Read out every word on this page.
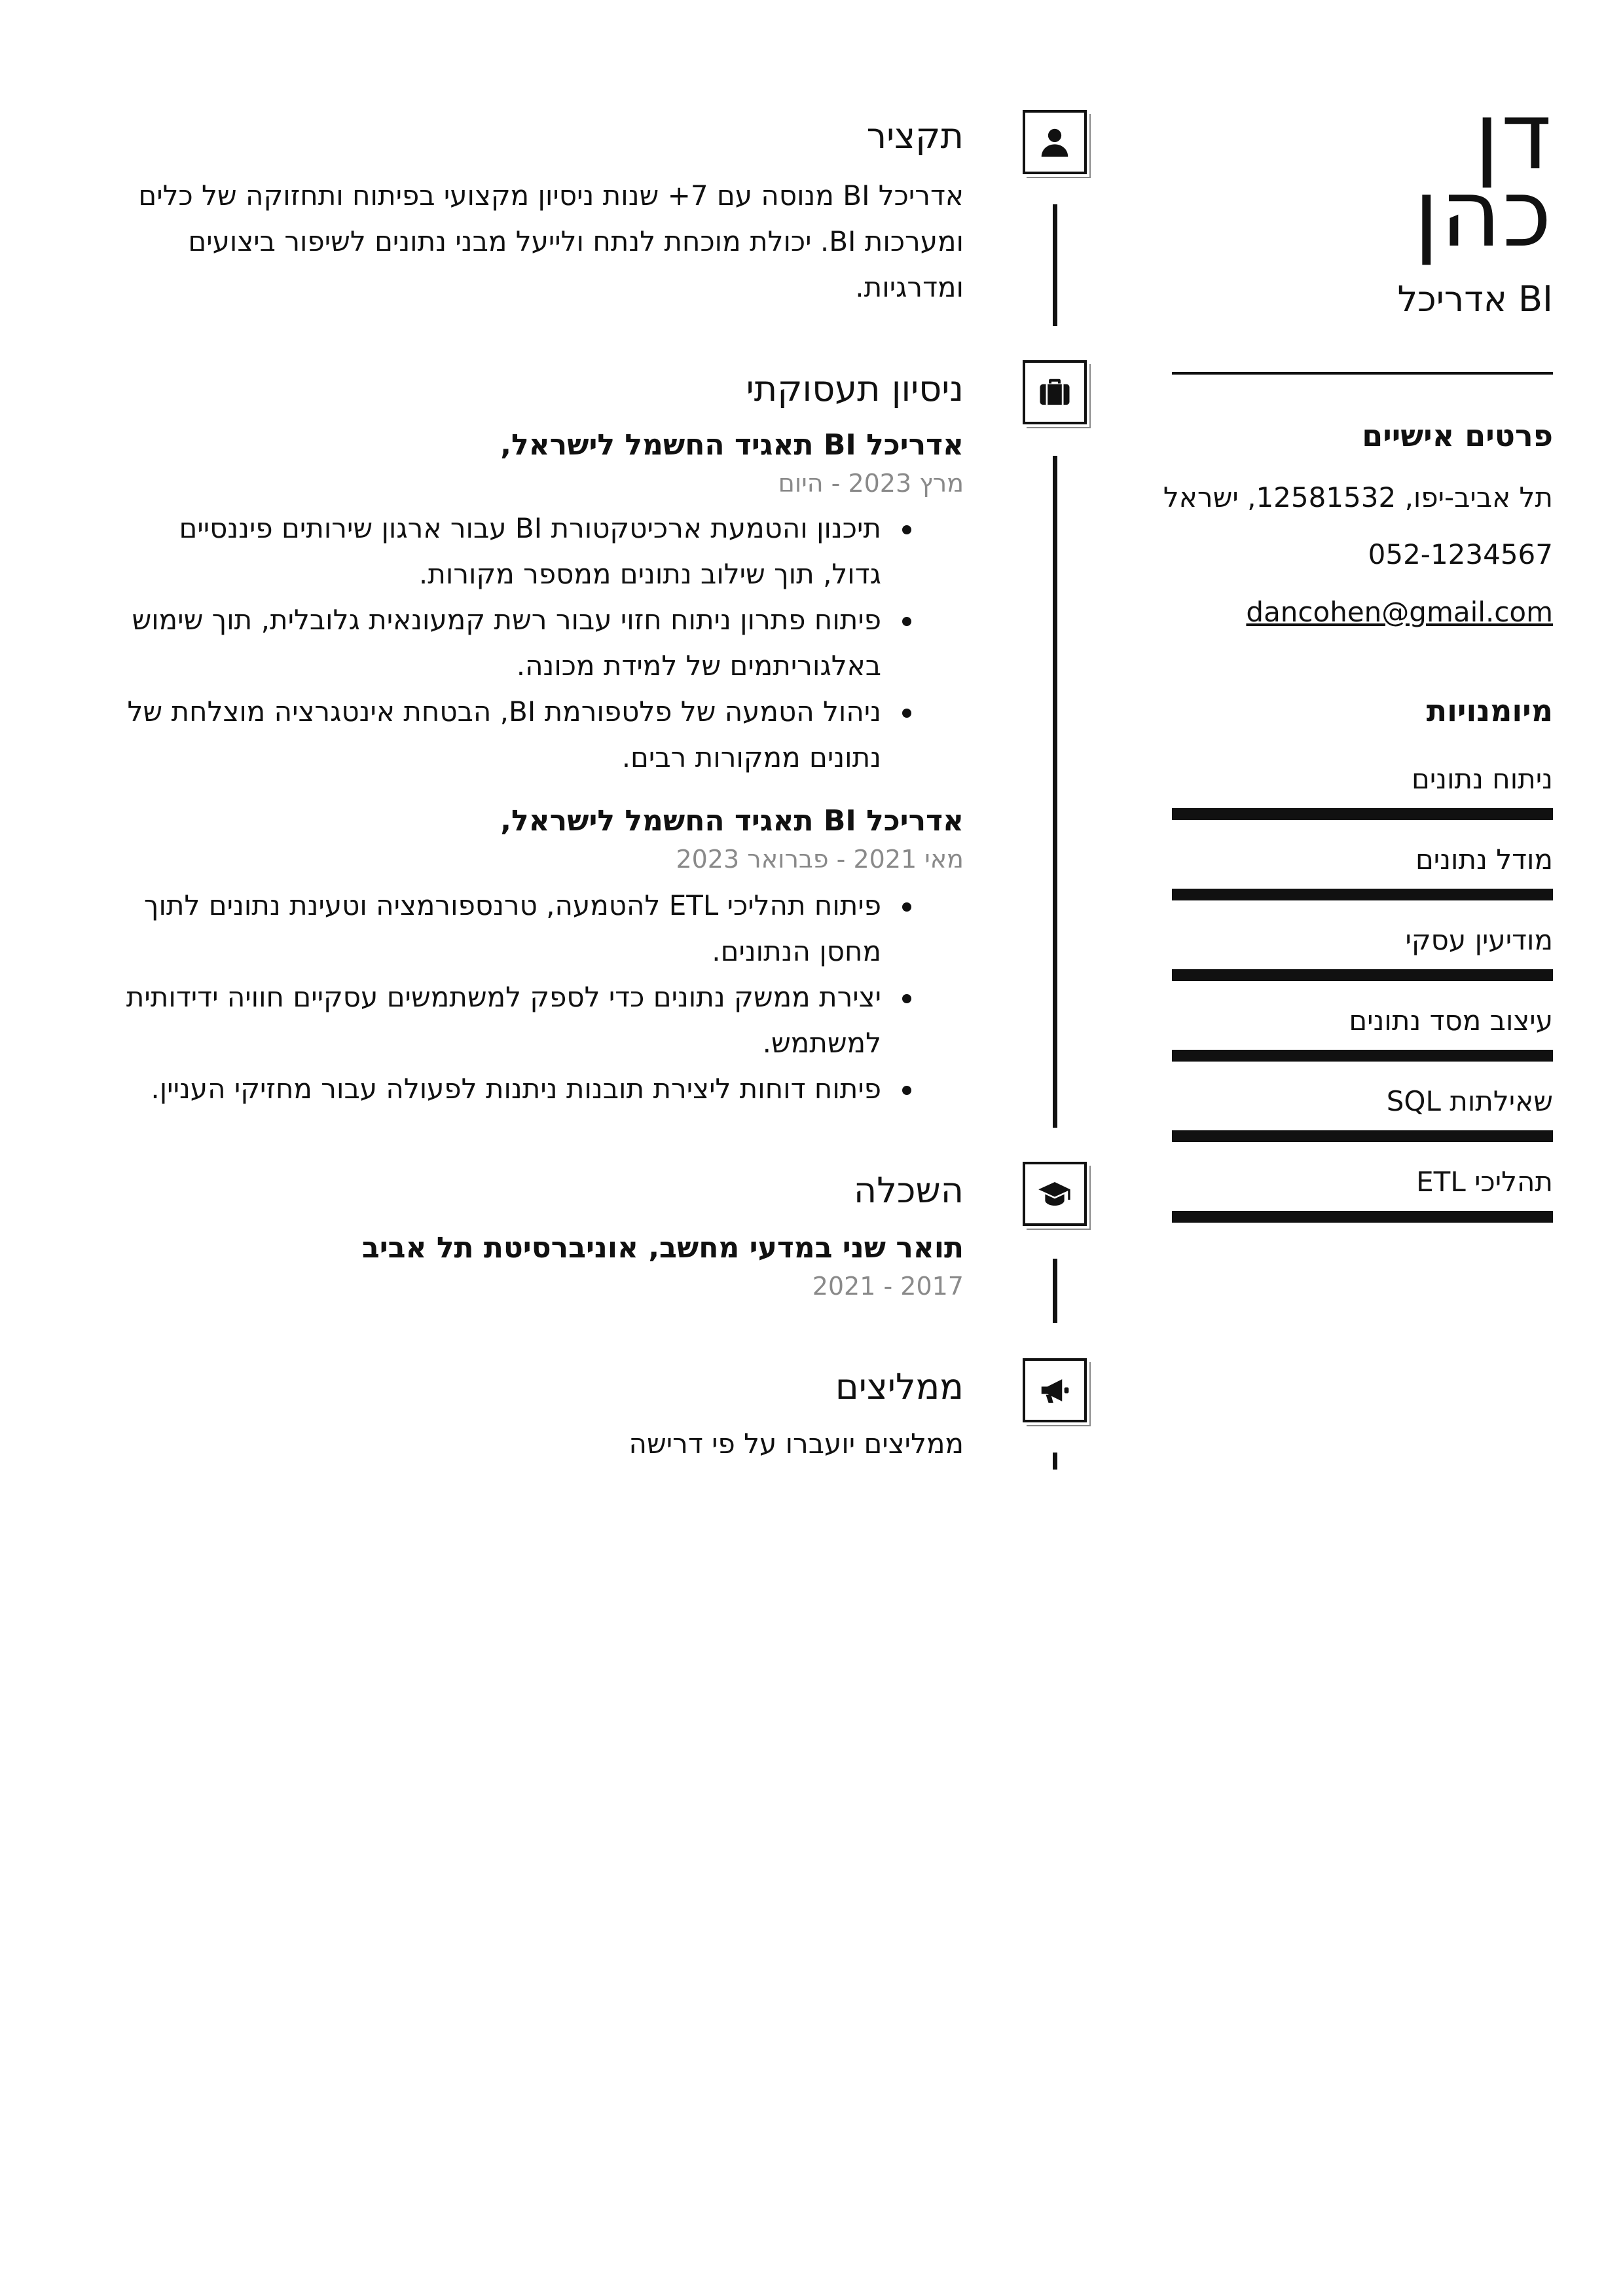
דן
כהן
BI אדריכל
פרטים אישיים
תל אביב-יפו, 12581532, ישראל
052-1234567
dancohen@gmail.com
מיומנויות
ניתוח נתונים
מודל נתונים
מודיעין עסקי
עיצוב מסד נתונים
שאילתות SQL
תהליכי ETL
תקציר
אדריכל BI מנוסה עם 7+ שנות ניסיון מקצועי בפיתוח ותחזוקה של כלים ומערכות BI. יכולת מוכחת לנתח ולייעל מבני נתונים לשיפור ביצועים ומדרגיות.
ניסיון תעסוקתי
אדריכל BI תאגיד החשמל לישראל,
מרץ 2023 - היום
תיכנון והטמעת ארכיטקטורת BI עבור ארגון שירותים פיננסיים גדול, תוך שילוב נתונים ממספר מקורות.
פיתוח פתרון ניתוח חזוי עבור רשת קמעונאית גלובלית, תוך שימוש באלגוריתמים של למידת מכונה.
ניהול הטמעה של פלטפורמת BI, הבטחת אינטגרציה מוצלחת של נתונים ממקורות רבים.
אדריכל BI תאגיד החשמל לישראל,
מאי 2021 - פברואר 2023
פיתוח תהליכי ETL להטמעה, טרנספורמציה וטעינת נתונים לתוך מחסן הנתונים.
יצירת ממשק נתונים כדי לספק למשתמשים עסקיים חוויה ידידותית למשתמש.
פיתוח דוחות ליצירת תובנות ניתנות לפעולה עבור מחזיקי העניין.
השכלה
תואר שני במדעי מחשב, אוניברסיטת תל אביב
2017 - 2021
ממליצים
ממליצים יועברו על פי דרישה
